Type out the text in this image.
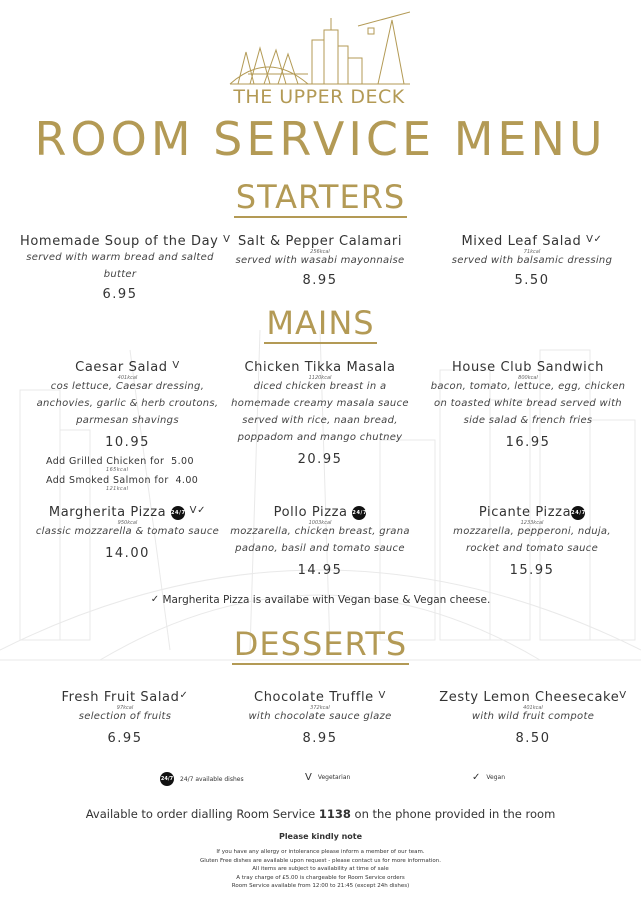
THE UPPER DECK
ROOM SERVICE MENU
STARTERS
Homemade Soup of the Day $^V$
served with warm bread and salted butter
6.95
Salt & Pepper Calamari
256kcal
served with wasabi mayonnaise
8.95
Mixed Leaf Salad $^{V✓}$
71kcal
served with balsamic dressing
5.50
MAINS
Caesar Salad $^V$
401kcal
cos lettuce, Caesar dressing,
anchovies, garlic & herb croutons,
parmesan shavings
10.95
Add Grilled Chicken for 5.00
165kcal
Add Smoked Salmon for 4.00
121kcal
Chicken Tikka Masala
1120kcal
diced chicken breast in a
homemade creamy masala sauce
served with rice, naan bread,
poppadom and mango chutney
20.95
House Club Sandwich
800kcal
bacon, tomato, lettuce, egg, chicken
on toasted white bread served with
side salad & french fries
16.95
Margherita Pizza 24/7 $^{V✓}$
950kcal
classic mozzarella & tomato sauce
14.00
Pollo Pizza 24/7
1003kcal
mozzarella, chicken breast, grana
padano, basil and tomato sauce
14.95
Picante Pizza24/7
1233kcal
mozzarella, pepperoni, nduja,
rocket and tomato sauce
15.95
✓ Margherita Pizza is availabe with Vegan base & Vegan cheese.
DESSERTS
Fresh Fruit Salad✓
97kcal
selection of fruits
6.95
Chocolate Truffle $^V$
372kcal
with chocolate sauce glaze
8.95
Zesty Lemon Cheesecake$^V$
401kcal
with wild fruit compote
8.50
24/7 24/7 available dishes	V Vegetarian	✓ Vegan
Available to order dialling Room Service 1138 on the phone provided in the room
Please kindly note
If you have any allergy or intolerance please inform a member of our team.
Gluten Free dishes are available upon request - please contact us for more information.
All items are subject to availability at time of sale
A tray charge of £5.00 is chargeable for Room Service orders
Room Service available from 12:00 to 21:45 (except 24h dishes)
